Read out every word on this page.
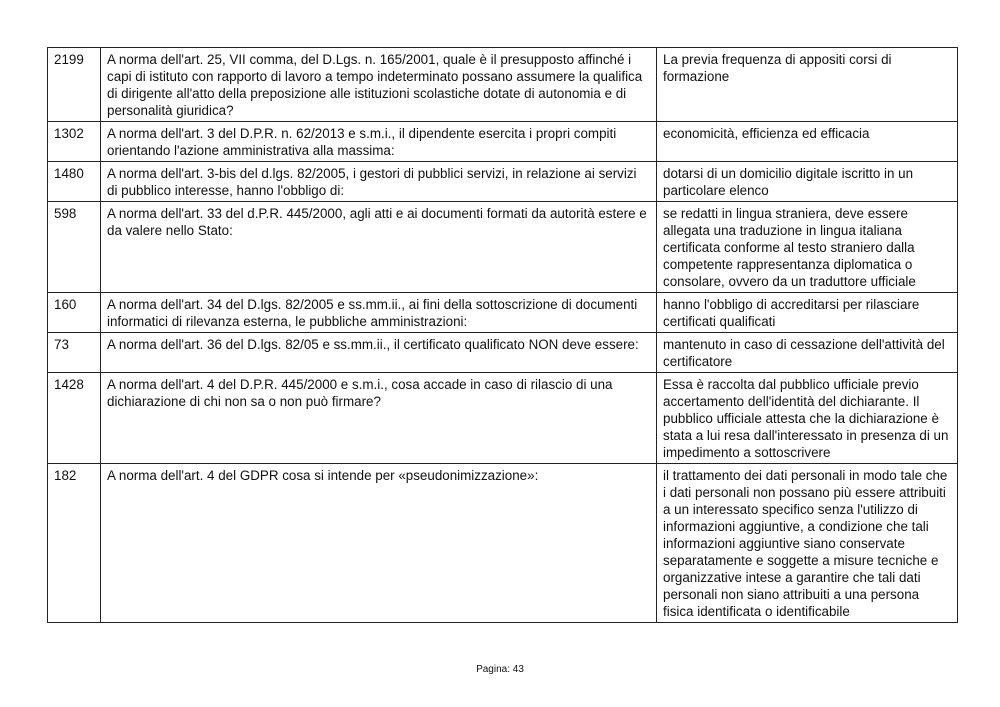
2199	A norma dell'art. 25, VII comma, del D.Lgs. n. 165/2001, quale è il presupposto affinché i capi di istituto con rapporto di lavoro a tempo indeterminato possano assumere la qualifica di dirigente all'atto della preposizione alle istituzioni scolastiche dotate di autonomia e di personalità giuridica?	La previa frequenza di appositi corsi di formazione
1302	A norma dell'art. 3 del D.P.R. n. 62/2013 e s.m.i., il dipendente esercita i propri compiti orientando l'azione amministrativa alla massima:	economicità, efficienza ed efficacia
1480	A norma dell'art. 3-bis del d.lgs. 82/2005, i gestori di pubblici servizi, in relazione ai servizi di pubblico interesse, hanno l'obbligo di:	dotarsi di un domicilio digitale iscritto in un particolare elenco
598	A norma dell'art. 33 del d.P.R. 445/2000, agli atti e ai documenti formati da autorità estere e da valere nello Stato:	se redatti in lingua straniera, deve essere allegata una traduzione in lingua italiana certificata conforme al testo straniero dalla competente rappresentanza diplomatica o consolare, ovvero da un traduttore ufficiale
160	A norma dell'art. 34 del D.lgs. 82/2005 e ss.mm.ii., ai fini della sottoscrizione di documenti informatici di rilevanza esterna, le pubbliche amministrazioni:	hanno l'obbligo di accreditarsi per rilasciare certificati qualificati
73	A norma dell'art. 36 del D.lgs. 82/05 e ss.mm.ii., il certificato qualificato NON deve essere:	mantenuto in caso di cessazione dell'attività del certificatore
1428	A norma dell'art. 4 del D.P.R. 445/2000 e s.m.i., cosa accade in caso di rilascio di una dichiarazione di chi non sa o non può firmare?	Essa è raccolta dal pubblico ufficiale previo accertamento dell'identità del dichiarante. Il pubblico ufficiale attesta che la dichiarazione è stata a lui resa dall'interessato in presenza di un impedimento a sottoscrivere
182	A norma dell'art. 4 del GDPR cosa si intende per «pseudonimizzazione»:	il trattamento dei dati personali in modo tale che i dati personali non possano più essere attribuiti a un interessato specifico senza l'utilizzo di informazioni aggiuntive, a condizione che tali informazioni aggiuntive siano conservate separatamente e soggette a misure tecniche e organizzative intese a garantire che tali dati personali non siano attribuiti a una persona fisica identificata o identificabile
Pagina: 43
